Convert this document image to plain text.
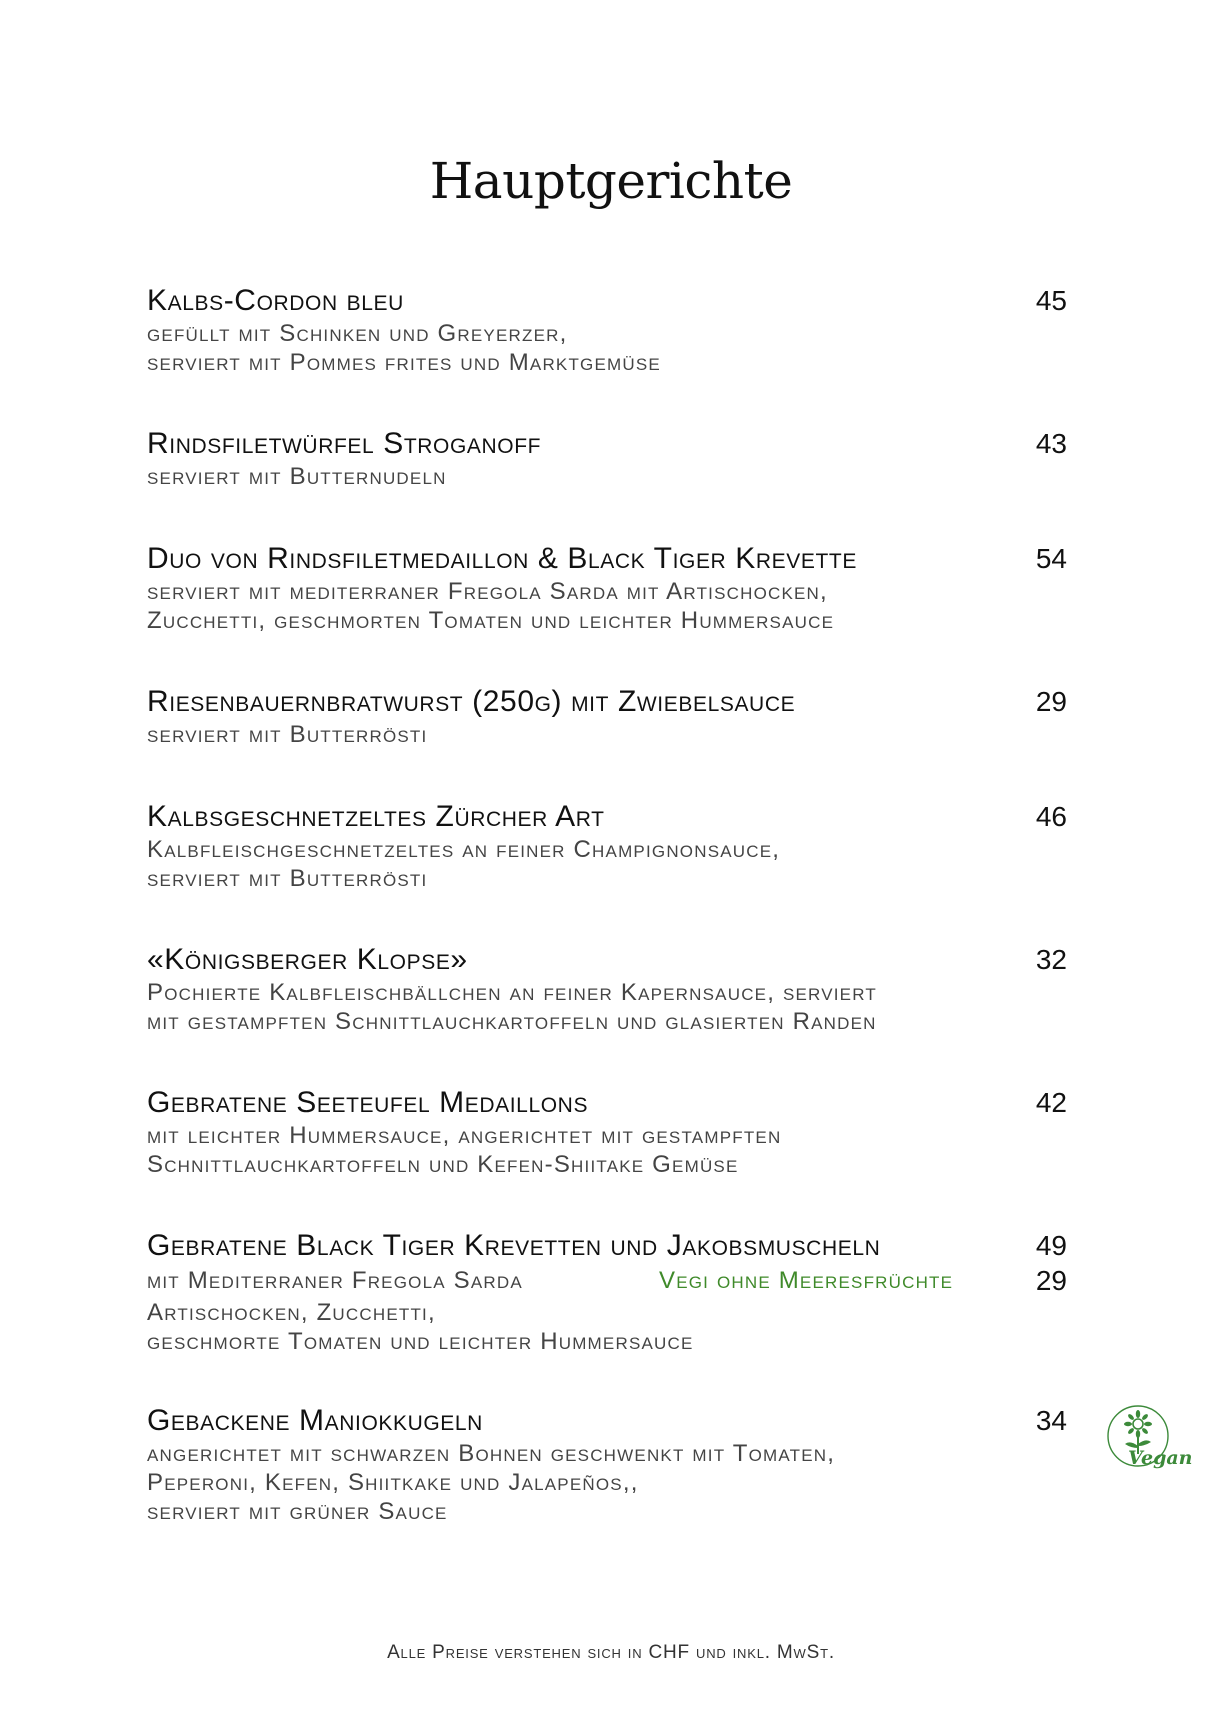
Hauptgerichte
Kalbs-Cordon bleu	45
gefüllt mit Schinken und Greyerzer,
serviert mit Pommes frites und Marktgemüse
Rindsfiletwürfel Stroganoff	43
serviert mit Butternudeln
Duo von Rindsfiletmedaillon & Black Tiger Krevette	54
serviert mit mediterraner Fregola Sarda mit Artischocken,
Zucchetti, geschmorten Tomaten und leichter Hummersauce
Riesenbauernbratwurst (250g) mit Zwiebelsauce	29
serviert mit Butterrösti
Kalbsgeschnetzeltes Zürcher Art	46
Kalbfleischgeschnetzeltes an feiner Champignonsauce,
serviert mit Butterrösti
«Königsberger Klopse»	32
Pochierte Kalbfleischbällchen an feiner Kapernsauce, serviert
mit gestampften Schnittlauchkartoffeln und glasierten Randen
Gebratene Seeteufel Medaillons	42
mit leichter Hummersauce, angerichtet mit gestampften
Schnittlauchkartoffeln und Kefen-Shiitake Gemüse
Gebratene Black Tiger Krevetten und Jakobsmuscheln	49
mit Mediterraner Fregola Sarda	Vegi ohne Meeresfrüchte	29
Artischocken, Zucchetti,
geschmorte Tomaten und leichter Hummersauce
Gebackene Maniokkugeln	34
angerichtet mit schwarzen Bohnen geschwenkt mit Tomaten,
Peperoni, Kefen, Shiitkake und Jalapeños,,
serviert mit grüner Sauce
Vegan
Alle Preise verstehen sich in CHF und inkl. MwSt.
